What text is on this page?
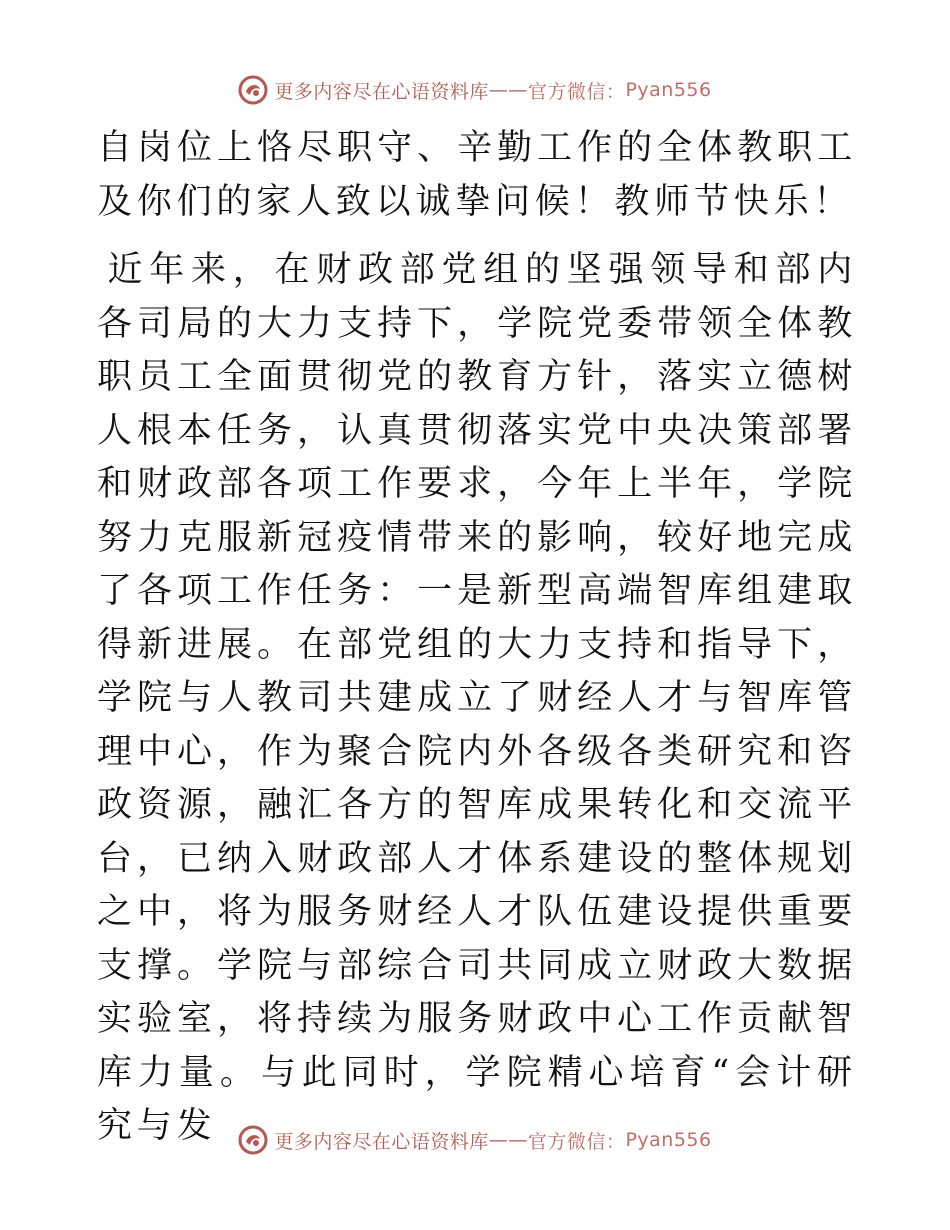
更多内容尽在心语资料库 —— 官方微信： Pyan556

自岗位上恪尽职守、辛勤工作的全体教职工及你们的家人致以诚挚问候！教师节快乐！

近年来，在财政部党组的坚强领导和部内各司局的大力支持下，学院党委带领全体教职员工全面贯彻党的教育方针，落实立德树人根本任务，认真贯彻落实党中央决策部署和财政部各项工作要求，今年上半年，学院努力克服新冠疫情带来的影响，较好地完成了各项工作任务：一是新型高端智库组建取得新进展。在部党组的大力支持和指导下，学院与人教司共建成立了财经人才与智库管理中心，作为聚合院内外各级各类研究和咨政资源，融汇各方的智库成果转化和交流平台，已纳入财政部人才体系建设的整体规划之中，将为服务财经人才队伍建设提供重要支撑。学院与部综合司共同成立财政大数据实验室，将持续为服务财政中心工作贡献智库力量。与此同时，学院精心培育“会计研究与发	更多内容尽在心语资料库 —— 官方微信： Pyan556
